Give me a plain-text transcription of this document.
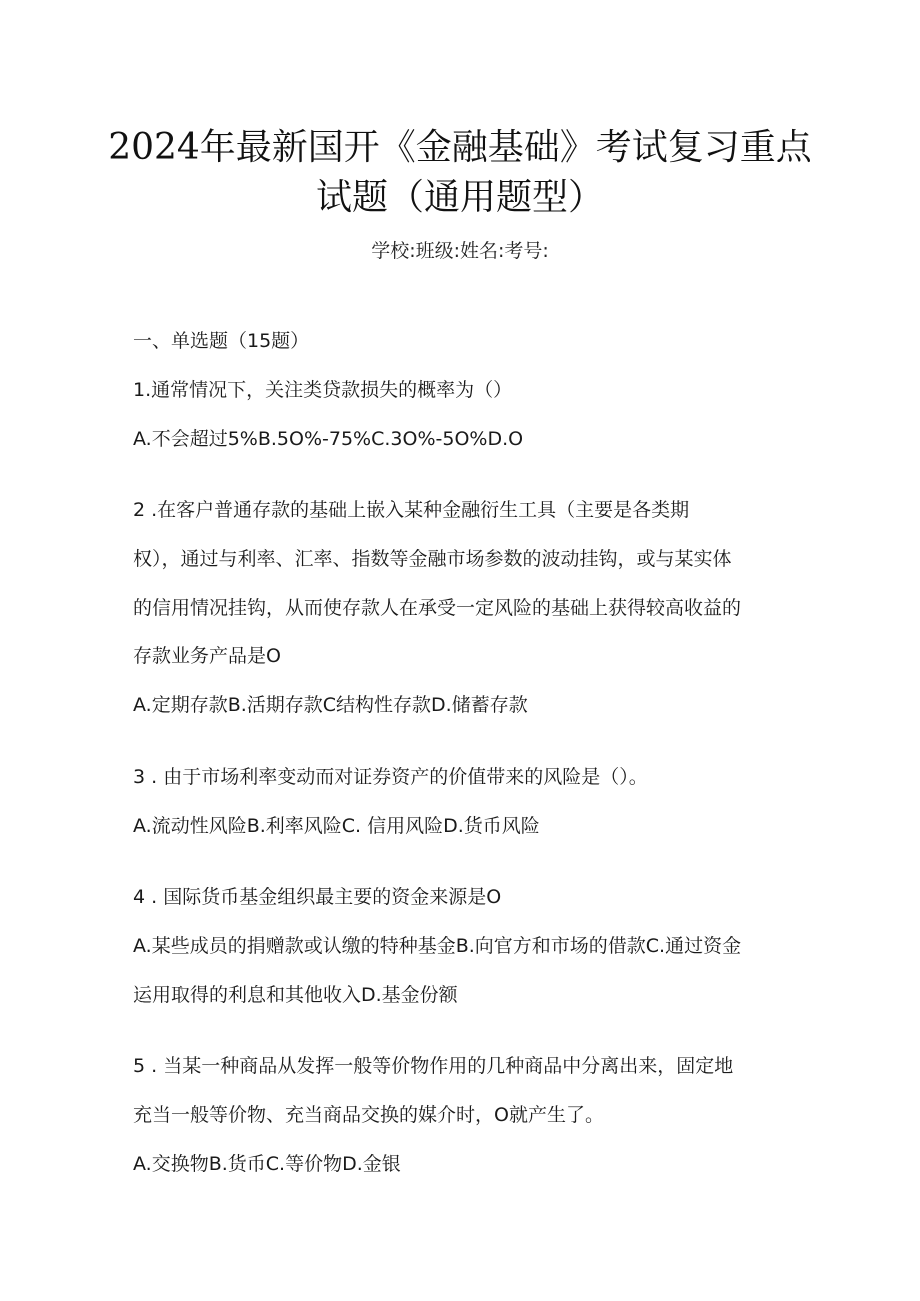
2024年最新国开《金融基础》考试复习重点
试题（通用题型）
学校:班级:姓名:考号:
一、单选题（15题）
1.通常情况下，关注类贷款损失的概率为（）
A.不会超过5%B.5O%-75%C.3O%-5O%D.O
2 .在客户普通存款的基础上嵌入某种金融衍生工具（主要是各类期
权），通过与利率、汇率、指数等金融市场参数的波动挂钩，或与某实体
的信用情况挂钩，从而使存款人在承受一定风险的基础上获得较高收益的
存款业务产品是O
A.定期存款B.活期存款C结构性存款D.储蓄存款
3 . 由于市场利率变动而对证券资产的价值带来的风险是（）。
A.流动性风险B.利率风险C. 信用风险D.货币风险
4 . 国际货币基金组织最主要的资金来源是O
A.某些成员的捐赠款或认缴的特种基金B.向官方和市场的借款C.通过资金
运用取得的利息和其他收入D.基金份额
5 . 当某一种商品从发挥一般等价物作用的几种商品中分离出来，固定地
充当一般等价物、充当商品交换的媒介时，O就产生了。
A.交换物B.货币C.等价物D.金银
